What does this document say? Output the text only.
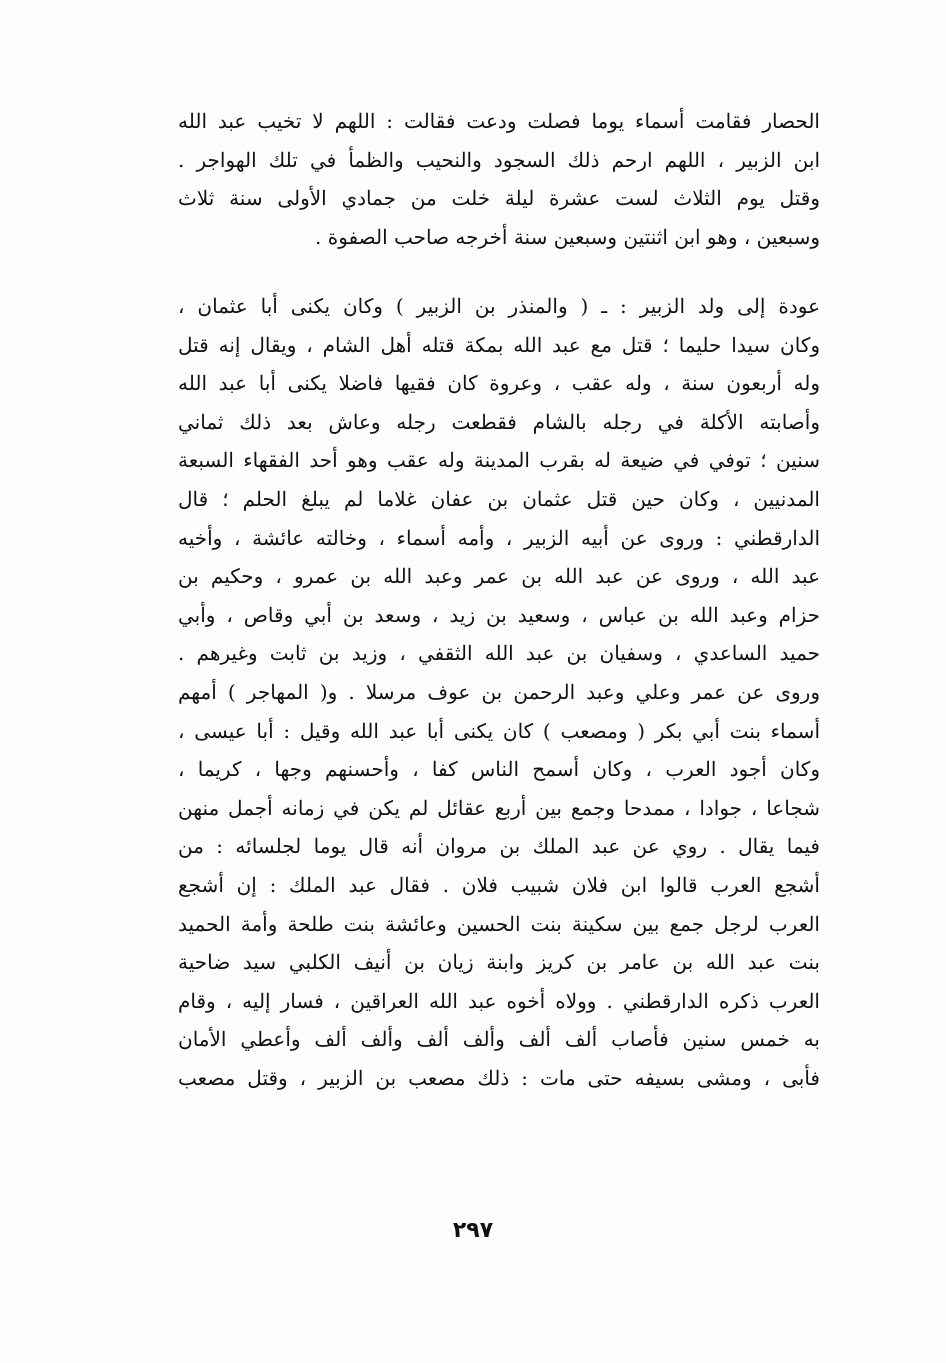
الحصار فقامت أسماء يوما فصلت ودعت فقالت : اللهم لا تخيب عبد الله
ابن الزبير ، اللهم ارحم ذلك السجود والنحيب والظمأ في تلك الهواجر .
وقتل يوم الثلاث لست عشرة ليلة خلت من جمادي الأولى سنة ثلاث
وسبعين ، وهو ابن اثنتين وسبعين سنة أخرجه صاحب الصفوة .
عودة إلى ولد الزبير : ـ ( والمنذر بن الزبير ) وكان يكنى أبا عثمان ،
وكان سيدا حليما ؛ قتل مع عبد الله بمكة قتله أهل الشام ، ويقال إنه قتل
وله أربعون سنة ، وله عقب ، وعروة كان فقيها فاضلا يكنى أبا عبد الله
وأصابته الأكلة في رجله بالشام فقطعت رجله وعاش بعد ذلك ثماني
سنين ؛ توفي في ضيعة له بقرب المدينة وله عقب وهو أحد الفقهاء السبعة
المدنيين ، وكان حين قتل عثمان بن عفان غلاما لم يبلغ الحلم ؛ قال
الدارقطني : وروى عن أبيه الزبير ، وأمه أسماء ، وخالته عائشة ، وأخيه
عبد الله ، وروى عن عبد الله بن عمر وعبد الله بن عمرو ، وحكيم بن
حزام وعبد الله بن عباس ، وسعيد بن زيد ، وسعد بن أبي وقاص ، وأبي
حميد الساعدي ، وسفيان بن عبد الله الثقفي ، وزيد بن ثابت وغيرهم .
وروى عن عمر وعلي وعبد الرحمن بن عوف مرسلا . و( المهاجر ) أمهم
أسماء بنت أبي بكر ( ومصعب ) كان يكنى أبا عبد الله وقيل : أبا عيسى ،
وكان أجود العرب ، وكان أسمح الناس كفا ، وأحسنهم وجها ، كريما ،
شجاعا ، جوادا ، ممدحا وجمع بين أربع عقائل لم يكن في زمانه أجمل منهن
فيما يقال . روي عن عبد الملك بن مروان أنه قال يوما لجلسائه : من
أشجع العرب قالوا ابن فلان شبيب فلان . فقال عبد الملك : إن أشجع
العرب لرجل جمع بين سكينة بنت الحسين وعائشة بنت طلحة وأمة الحميد
بنت عبد الله بن عامر بن كريز وابنة زيان بن أنيف الكلبي سيد ضاحية
العرب ذكره الدارقطني . وولاه أخوه عبد الله العراقين ، فسار إليه ، وقام
به خمس سنين فأصاب ألف ألف وألف ألف وألف ألف وأعطي الأمان
فأبى ، ومشى بسيفه حتى مات : ذلك مصعب بن الزبير ، وقتل مصعب
٢٩٧
